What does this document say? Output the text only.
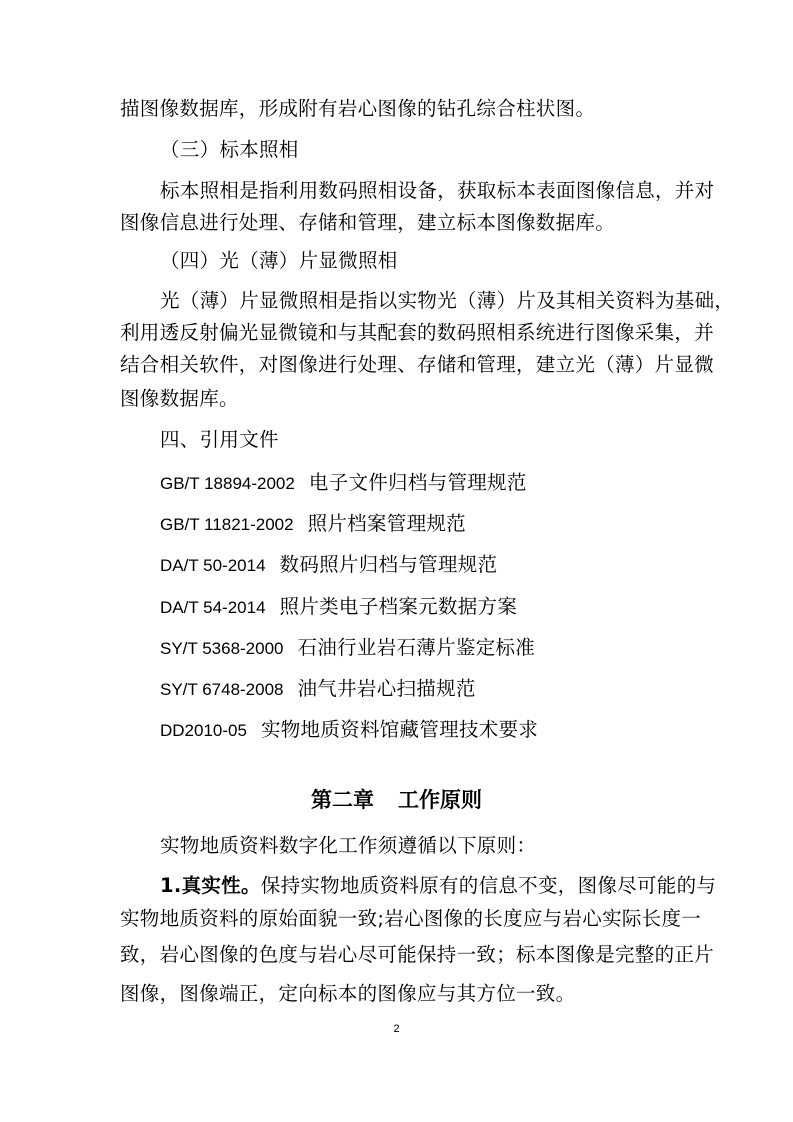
描图像数据库，形成附有岩心图像的钻孔综合柱状图。
（三）标本照相
标本照相是指利用数码照相设备，获取标本表面图像信息，并对
图像信息进行处理、存储和管理，建立标本图像数据库。
（四）光（薄）片显微照相
光（薄）片显微照相是指以实物光（薄）片及其相关资料为基础，
利用透反射偏光显微镜和与其配套的数码照相系统进行图像采集，并
结合相关软件，对图像进行处理、存储和管理，建立光（薄）片显微
图像数据库。
四、引用文件
GB/T 18894-2002 电子文件归档与管理规范
GB/T 11821-2002 照片档案管理规范
DA/T 50-2014 数码照片归档与管理规范
DA/T 54-2014 照片类电子档案元数据方案
SY/T 5368-2000 石油行业岩石薄片鉴定标准
SY/T 6748-2008 油气井岩心扫描规范
DD2010-05 实物地质资料馆藏管理技术要求
第二章 工作原则
实物地质资料数字化工作须遵循以下原则：
1.真实性。保持实物地质资料原有的信息不变，图像尽可能的与
实物地质资料的原始面貌一致;岩心图像的长度应与岩心实际长度一
致，岩心图像的色度与岩心尽可能保持一致；标本图像是完整的正片
图像，图像端正，定向标本的图像应与其方位一致。
2
